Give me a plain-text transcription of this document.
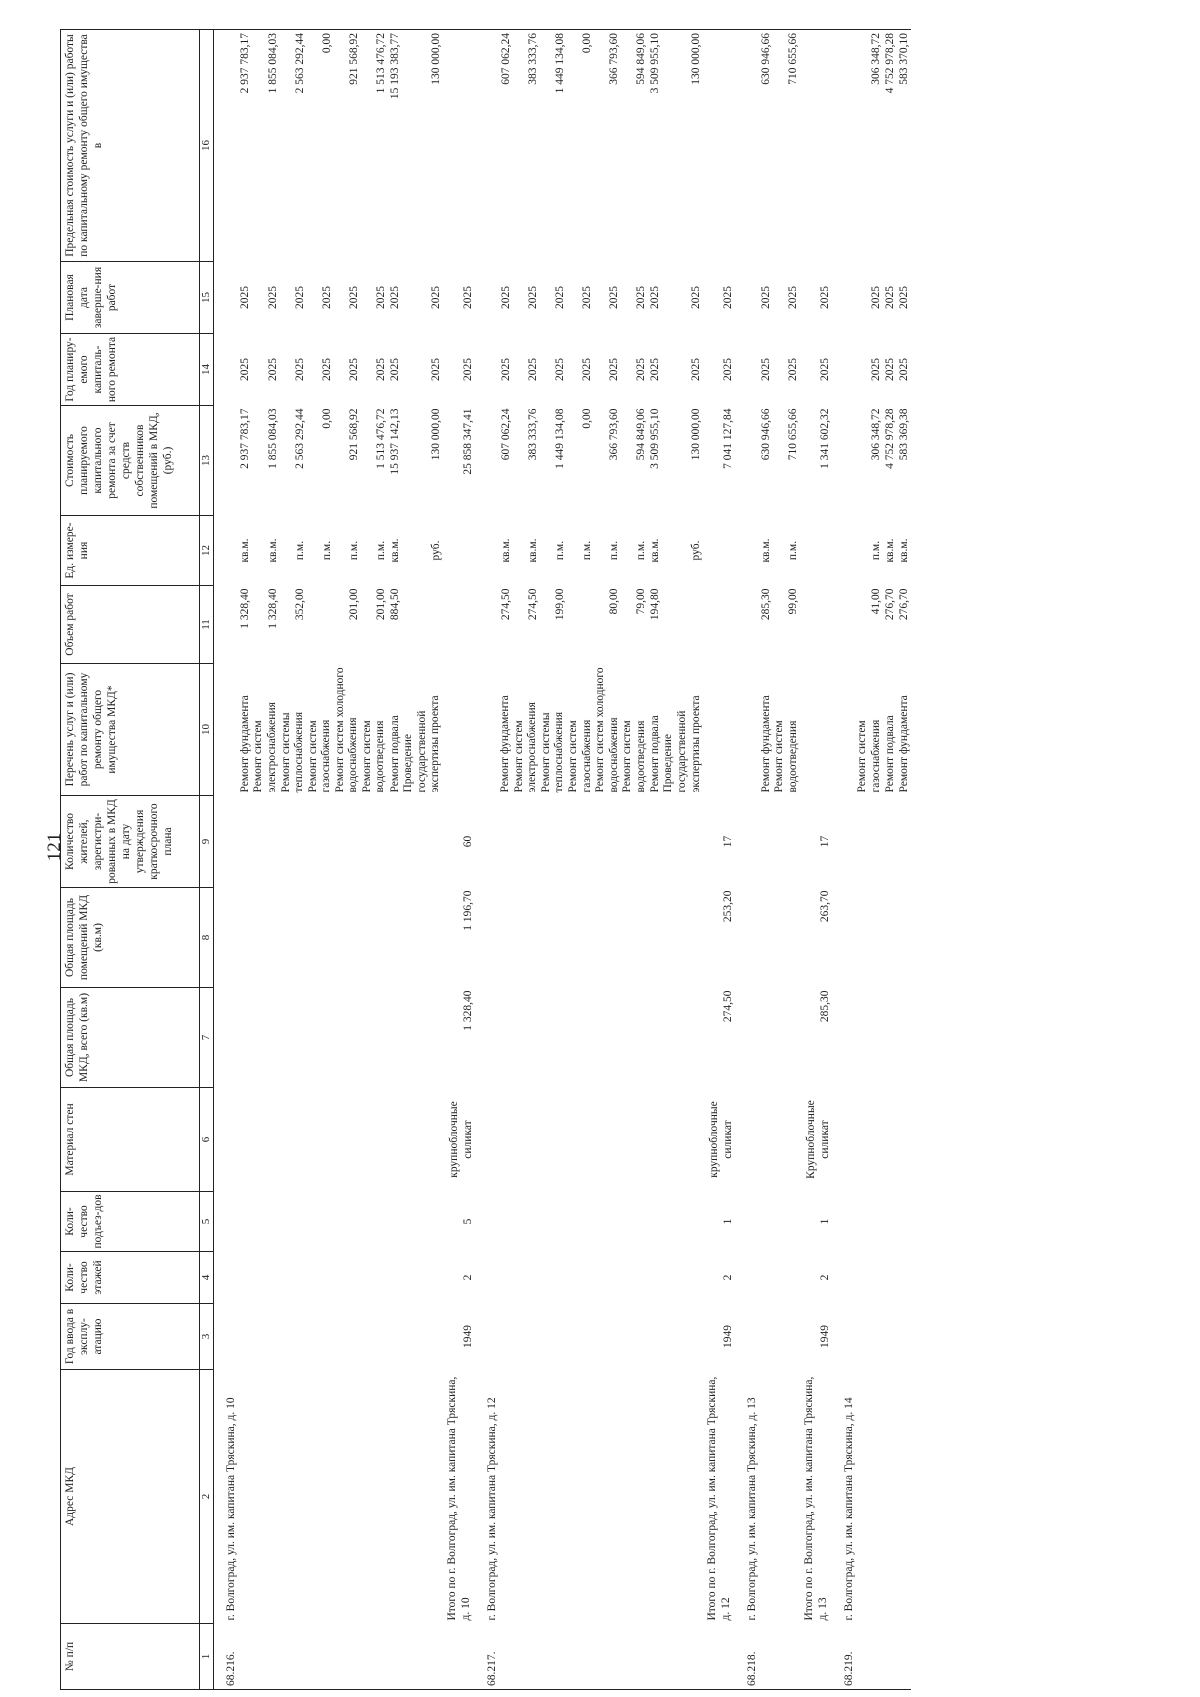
121
№ п/п	Адрес МКД	Год ввода в эксплу-атацию	Коли-чество этажей	Коли-чество подъез-дов	Материал стен	Общая площадь МКД, всего (кв.м)	Общая площадь помещений МКД (кв.м)	Количество жителей, зарегистри-рованных в МКД на дату утверждения краткосрочного плана	Перечень услуг и (или) работ по капитальному ремонту общего имущества МКД*	Объем работ	Ед. измере-ния	Стоимость планируемого капитального ремонта за счет средств собственников помещений в МКД, (руб.)	Год планиру-емого капиталь-ного ремонта	Плановая дата заверше-ния работ	Предельная стоимость услуги и (или) работы по капитальному ремонту общего имущества в
1	2	3	4	5	6	7	8	9	10	11	12	13	14	15	16
68.216.	г. Волгоград, ул. им. капитана Тряскина, д. 10														
									Ремонт фундамента	1 328,40	кв.м.	2 937 783,17	2025	2025	2 937 783,17
									Ремонт систем электроснабжения	1 328,40	кв.м.	1 855 084,03	2025	2025	1 855 084,03
									Ремонт системы теплоснабжения	352,00	п.м.	2 563 292,44	2025	2025	2 563 292,44
									Ремонт систем газоснабжения		п.м.	0,00	2025	2025	0,00
									Ремонт систем холодного водоснабжения	201,00	п.м.	921 568,92	2025	2025	921 568,92
									Ремонт систем водоотведения	201,00	п.м.	1 513 476,72	2025	2025	1 513 476,72
									Ремонт подвала	884,50	кв.м.	15 937 142,13	2025	2025	15 193 383,77
									Проведение государственной экспертизы проекта		руб.	130 000,00	2025	2025	130 000,00
	Итого по г. Волгоград, ул. им. капитана Тряскина, д. 10	1949	2	5	крупноблочные силикат	1 328,40	1 196,70	60				25 858 347,41	2025	2025	
68.217.	г. Волгоград, ул. им. капитана Тряскина, д. 12														
									Ремонт фундамента	274,50	кв.м.	607 062,24	2025	2025	607 062,24
									Ремонт систем электроснабжения	274,50	кв.м.	383 333,76	2025	2025	383 333,76
									Ремонт системы теплоснабжения	199,00	п.м.	1 449 134,08	2025	2025	1 449 134,08
									Ремонт систем газоснабжения		п.м.	0,00	2025	2025	0,00
									Ремонт систем холодного водоснабжения	80,00	п.м.	366 793,60	2025	2025	366 793,60
									Ремонт систем водоотведения	79,00	п.м.	594 849,06	2025	2025	594 849,06
									Ремонт подвала	194,80	кв.м.	3 509 955,10	2025	2025	3 509 955,10
									Проведение государственной экспертизы проекта		руб.	130 000,00	2025	2025	130 000,00
	Итого по г. Волгоград, ул. им. капитана Тряскина, д. 12	1949	2	1	крупноблочные силикат	274,50	253,20	17				7 041 127,84	2025	2025	
68.218.	г. Волгоград, ул. им. капитана Тряскина, д. 13														
									Ремонт фундамента	285,30	кв.м.	630 946,66	2025	2025	630 946,66
									Ремонт систем водоотведения	99,00	п.м.	710 655,66	2025	2025	710 655,66
	Итого по г. Волгоград, ул. им. капитана Тряскина, д. 13	1949	2	1	Крупноблочные силикат	285,30	263,70	17				1 341 602,32	2025	2025	
68.219.	г. Волгоград, ул. им. капитана Тряскина, д. 14														
									Ремонт систем газоснабжения	41,00	п.м.	306 348,72	2025	2025	306 348,72
									Ремонт подвала	276,70	кв.м.	4 752 978,28	2025	2025	4 752 978,28
									Ремонт фундамента	276,70	кв.м.	583 369,38	2025	2025	583 370,10
